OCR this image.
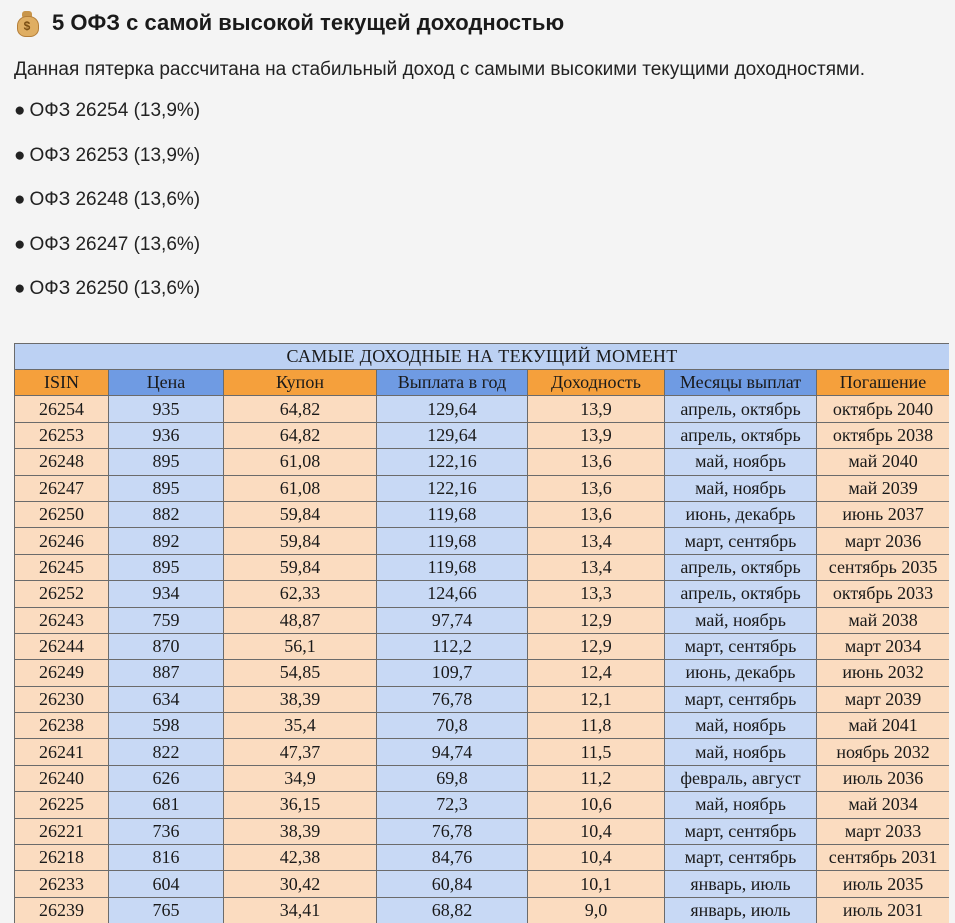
$ 5 ОФЗ с самой высокой текущей доходностью
Данная пятерка рассчитана на стабильный доход с самыми высокими текущими доходностями.
● ОФЗ 26254 (13,9%)
● ОФЗ 26253 (13,9%)
● ОФЗ 26248 (13,6%)
● ОФЗ 26247 (13,6%)
● ОФЗ 26250 (13,6%)
САМЫЕ ДОХОДНЫЕ НА ТЕКУЩИЙ МОМЕНТ						
ISIN	Цена	Купон	Выплата в год	Доходность	Месяцы выплат	Погашение
26254	935	64,82	129,64	13,9	апрель, октябрь	октябрь 2040
26253	936	64,82	129,64	13,9	апрель, октябрь	октябрь 2038
26248	895	61,08	122,16	13,6	май, ноябрь	май 2040
26247	895	61,08	122,16	13,6	май, ноябрь	май 2039
26250	882	59,84	119,68	13,6	июнь, декабрь	июнь 2037
26246	892	59,84	119,68	13,4	март, сентябрь	март 2036
26245	895	59,84	119,68	13,4	апрель, октябрь	сентябрь 2035
26252	934	62,33	124,66	13,3	апрель, октябрь	октябрь 2033
26243	759	48,87	97,74	12,9	май, ноябрь	май 2038
26244	870	56,1	112,2	12,9	март, сентябрь	март 2034
26249	887	54,85	109,7	12,4	июнь, декабрь	июнь 2032
26230	634	38,39	76,78	12,1	март, сентябрь	март 2039
26238	598	35,4	70,8	11,8	май, ноябрь	май 2041
26241	822	47,37	94,74	11,5	май, ноябрь	ноябрь 2032
26240	626	34,9	69,8	11,2	февраль, август	июль 2036
26225	681	36,15	72,3	10,6	май, ноябрь	май 2034
26221	736	38,39	76,78	10,4	март, сентябрь	март 2033
26218	816	42,38	84,76	10,4	март, сентябрь	сентябрь 2031
26233	604	30,42	60,84	10,1	январь, июль	июль 2035
26239	765	34,41	68,82	9,0	январь, июль	июль 2031
